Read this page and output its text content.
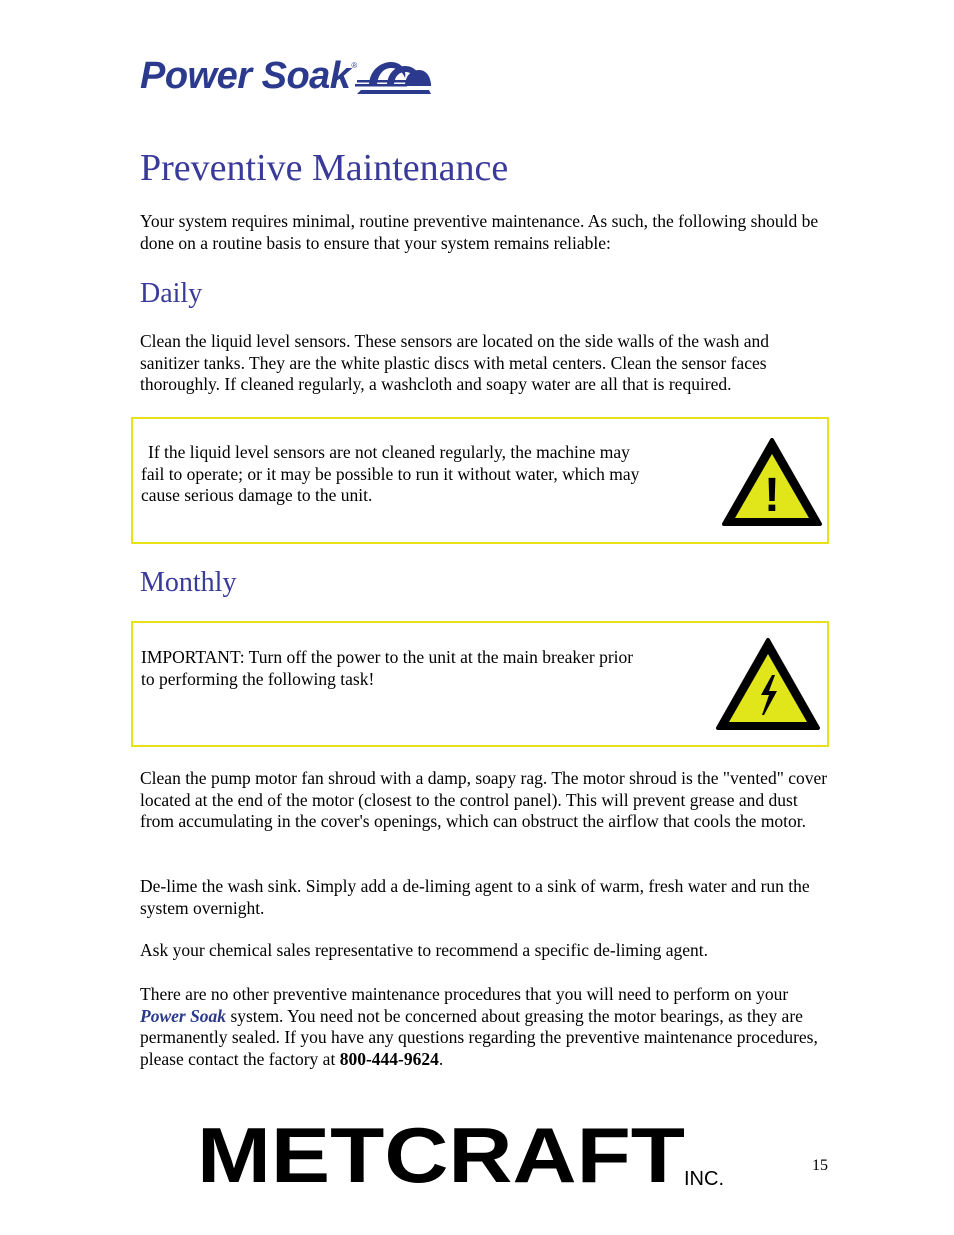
Power Soak ®
Preventive Maintenance

Your system requires minimal, routine preventive maintenance. As such, the following should be done on a routine basis to ensure that your system remains reliable:

Daily

Clean the liquid level sensors. These sensors are located on the side walls of the wash and sanitizer tanks. They are the white plastic discs with metal centers. Clean the sensor faces thoroughly. If cleaned regularly, a washcloth and soapy water are all that is required.

If the liquid level sensors are not cleaned regularly, the machine may fail to operate; or it may be possible to run it without water, which may cause serious damage to the unit.	!
Monthly

IMPORTANT: Turn off the power to the unit at the main breaker prior to performing the following task!

Clean the pump motor fan shroud with a damp, soapy rag. The motor shroud is the "vented" cover located at the end of the motor (closest to the control panel). This will prevent grease and dust from accumulating in the cover's openings, which can obstruct the airflow that cools the motor.

De-lime the wash sink. Simply add a de-liming agent to a sink of warm, fresh water and run the system overnight.

Ask your chemical sales representative to recommend a specific de-liming agent.

There are no other preventive maintenance procedures that you will need to perform on your Power Soak system. You need not be concerned about greasing the motor bearings, as they are permanently sealed. If you have any questions regarding the preventive maintenance procedures, please contact the factory at 800-444-9624.

METCRAFT INC.
15
